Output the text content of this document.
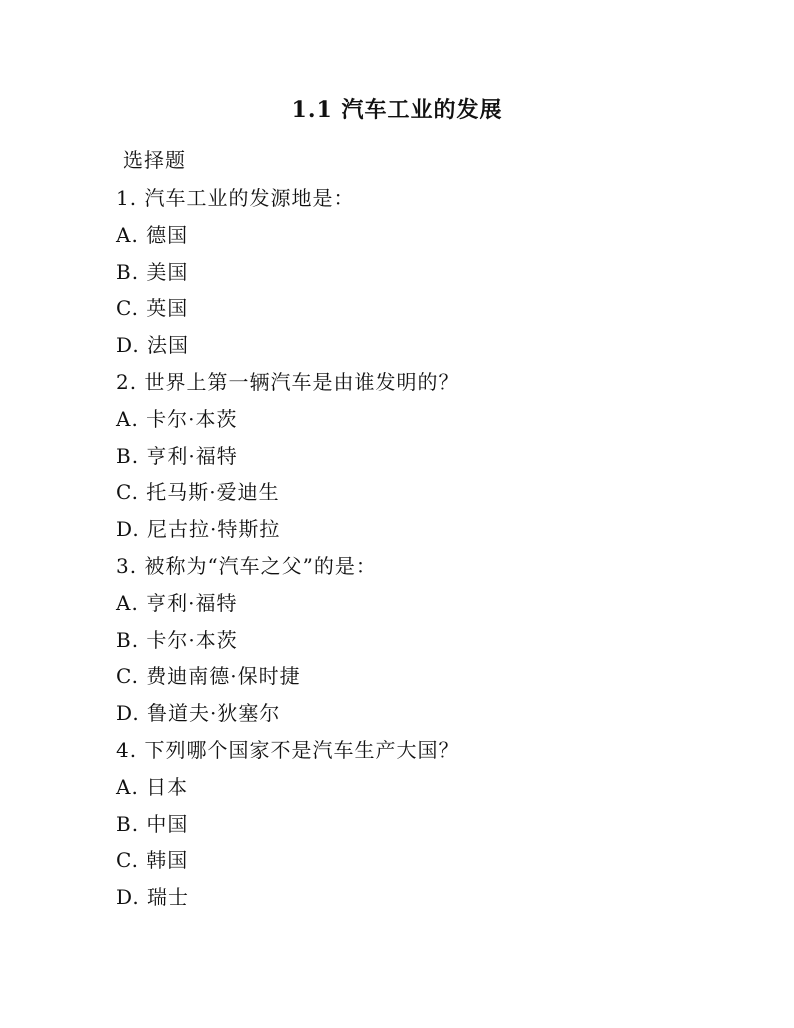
1.1 汽车工业的发展
选择题
1. 汽车工业的发源地是：
A. 德国
B. 美国
C. 英国
D. 法国
2. 世界上第一辆汽车是由谁发明的？
A. 卡尔·本茨
B. 亨利·福特
C. 托马斯·爱迪生
D. 尼古拉·特斯拉
3. 被称为“汽车之父”的是：
A. 亨利·福特
B. 卡尔·本茨
C. 费迪南德·保时捷
D. 鲁道夫·狄塞尔
4. 下列哪个国家不是汽车生产大国？
A. 日本
B. 中国
C. 韩国
D. 瑞士
